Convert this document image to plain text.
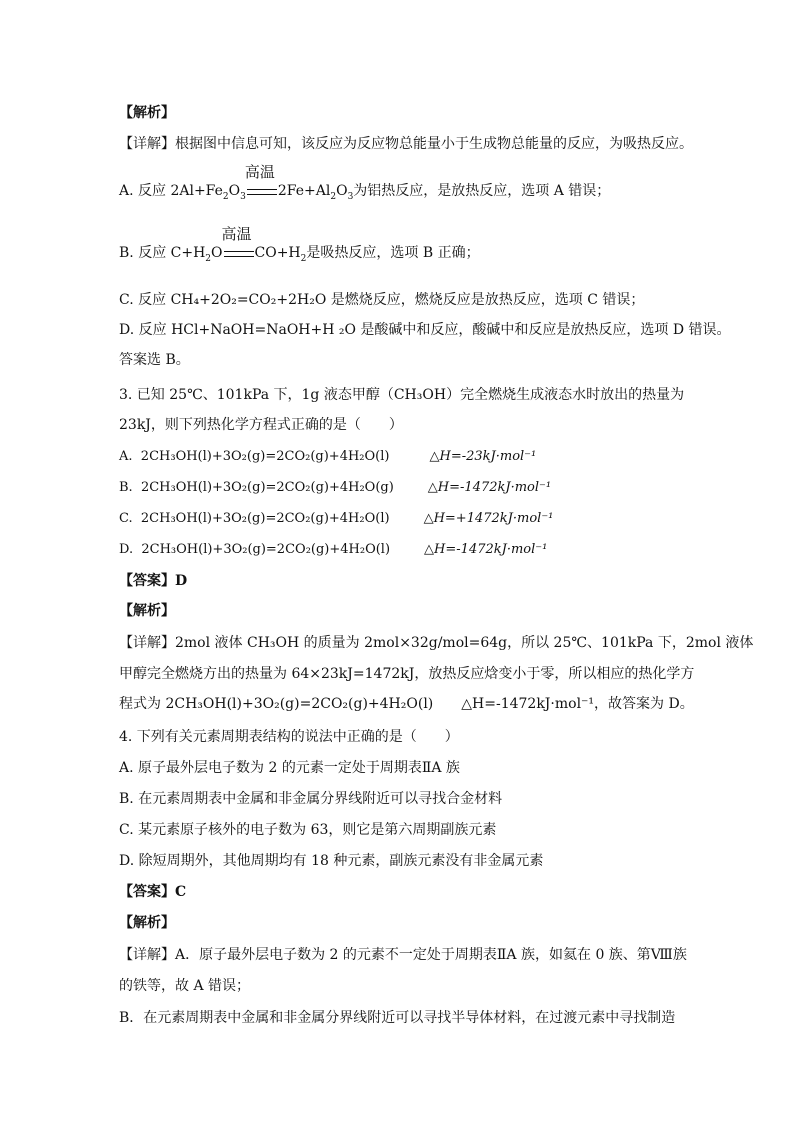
【解析】
【详解】根据图中信息可知，该反应为反应物总能量小于生成物总能量的反应，为吸热反应。
A. 反应 $2Al+Fe_2O_3$
高温
$2Fe+Al_2O_3$为铝热反应，是放热反应，选项 A 错误；
B. 反应 $C+H_2O$
高温
$CO+H_2$是吸热反应，选项 B 正确；
C. 反应 CH₄+2O₂=CO₂+2H₂O 是燃烧反应，燃烧反应是放热反应，选项 C 错误；
D. 反应 HCl+NaOH=NaOH+H ₂O 是酸碱中和反应，酸碱中和反应是放热反应，选项 D 错误。
答案选 B。
3. 已知 25℃、101kPa 下，1g 液态甲醇（CH₃OH）完全燃烧生成液态水时放出的热量为
23kJ，则下列热化学方程式正确的是（　　）
A. 2CH₃OH(l)+3O₂(g)=2CO₂(g)+4H₂O(l)	△H=-23kJ·mol⁻¹
B. 2CH₃OH(l)+3O₂(g)=2CO₂(g)+4H₂O(g)	△H=-1472kJ·mol⁻¹
C. 2CH₃OH(l)+3O₂(g)=2CO₂(g)+4H₂O(l)	△H=+1472kJ·mol⁻¹
D. 2CH₃OH(l)+3O₂(g)=2CO₂(g)+4H₂O(l)	△H=-1472kJ·mol⁻¹
【答案】D
【解析】
【详解】2mol 液体 CH₃OH 的质量为 2mol×32g/mol=64g，所以 25℃、101kPa 下，2mol 液体
甲醇完全燃烧方出的热量为 64×23kJ=1472kJ，放热反应焓变小于零，所以相应的热化学方
程式为 2CH₃OH(l)+3O₂(g)=2CO₂(g)+4H₂O(l)　　△H=-1472kJ·mol⁻¹，故答案为 D。
4. 下列有关元素周期表结构的说法中正确的是（　　）
A. 原子最外层电子数为 2 的元素一定处于周期表ⅡA 族
B. 在元素周期表中金属和非金属分界线附近可以寻找合金材料
C. 某元素原子核外的电子数为 63，则它是第六周期副族元素
D. 除短周期外，其他周期均有 18 种元素，副族元素没有非金属元素
【答案】C
【解析】
【详解】A．原子最外层电子数为 2 的元素不一定处于周期表ⅡA 族，如氦在 0 族、第Ⅷ族
的铁等，故 A 错误；
B．在元素周期表中金属和非金属分界线附近可以寻找半导体材料，在过渡元素中寻找制造
